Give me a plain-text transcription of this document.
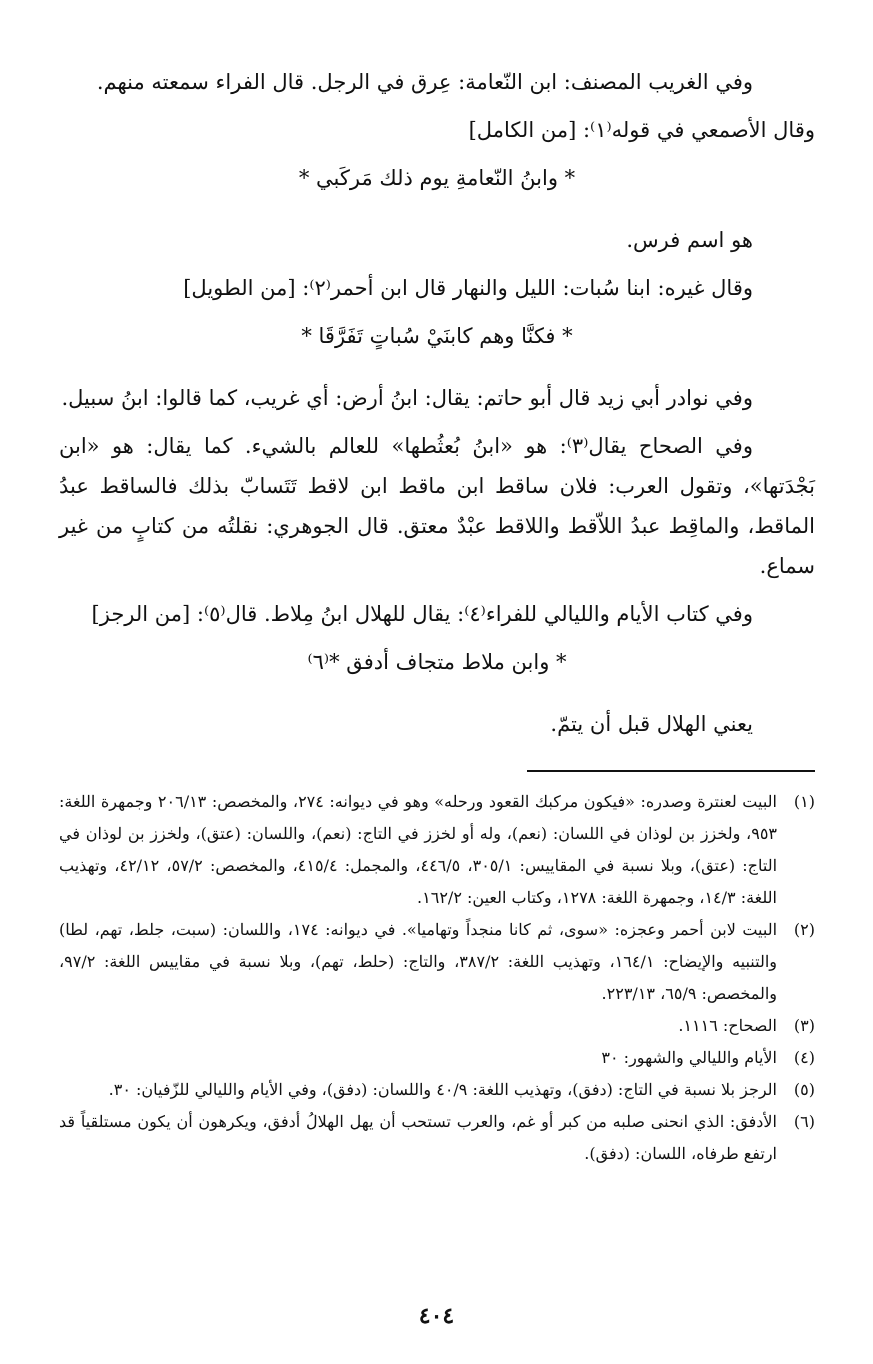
وفي الغريب المصنف: ابن النّعامة: عِرق في الرجل. قال الفراء سمعته منهم.

وقال الأصمعي في قوله⁽١⁾: [من الكامل]

* وابنُ النّعامةِ يوم ذلك مَركَبي *

هو اسم فرس.

وقال غيره: ابنا سُبات: الليل والنهار قال ابن أحمر⁽٢⁾: [من الطويل]

* فكنَّا وهم كابنَيْ سُباتٍ تَفَرَّقَا *

وفي نوادر أبي زيد قال أبو حاتم: يقال: ابنُ أرض: أي غريب، كما قالوا: ابنُ سبيل.

وفي الصحاح يقال⁽٣⁾: هو «ابنُ بُعثُطها» للعالم بالشيء. كما يقال: هو «ابن بَجْدَتها»، وتقول العرب: فلان ساقط ابن ماقط ابن لاقط تَتَسابّ بذلك فالساقط عبدُ الماقط، والماقِط عبدُ اللاّقط واللاقط عبْدٌ معتق. قال الجوهري: نقلتُه من كتابٍ من غير سماع.

وفي كتاب الأيام والليالي للفراء⁽٤⁾: يقال للهلال ابنُ مِلاط. قال⁽٥⁾: [من الرجز]

* وابن ملاط متجاف أدفق *⁽٦⁾

يعني الهلال قبل أن يتمّ.

(١)
البيت لعنترة وصدره: «فيكون مركبك القعود ورحله» وهو في ديوانه: ٢٧٤، والمخصص: ٢٠٦/١٣ وجمهرة اللغة: ٩٥٣، ولخزز بن لوذان في اللسان: (نعم)، وله أو لخزز في التاج: (نعم)، واللسان: (عتق)، ولخزز بن لوذان في التاج: (عتق)، وبلا نسبة في المقاييس: ٣٠٥/١، ٤٤٦/٥، والمجمل: ٤١٥/٤، والمخصص: ٥٧/٢، ٤٢/١٢، وتهذيب اللغة: ١٤/٣، وجمهرة اللغة: ١٢٧٨، وكتاب العين: ١٦٢/٢.
(٢)
البيت لابن أحمر وعجزه: «سوى، ثم كانا منجداً وتهاميا». في ديوانه: ١٧٤، واللسان: (سبت، جلط، تهم، لطا) والتنبيه والإيضاح: ١٦٤/١، وتهذيب اللغة: ٣٨٧/٢، والتاج: (حلط، تهم)، وبلا نسبة في مقاييس اللغة: ٩٧/٢، والمخصص: ٦٥/٩، ٢٢٣/١٣.
(٣)
الصحاح: ١١١٦.
(٤)
الأيام والليالي والشهور: ٣٠
(٥)
الرجز بلا نسبة في التاج: (دفق)، وتهذيب اللغة: ٤٠/٩ واللسان: (دفق)، وفي الأيام والليالي للزّفيان: ٣٠.
(٦)
الأدفق: الذي انحنى صلبه من كبر أو غم، والعرب تستحب أن يهل الهلالُ أدفق، ويكرهون أن يكون مستلقياً قد ارتفع طرفاه، اللسان: (دفق).
٤٠٤
